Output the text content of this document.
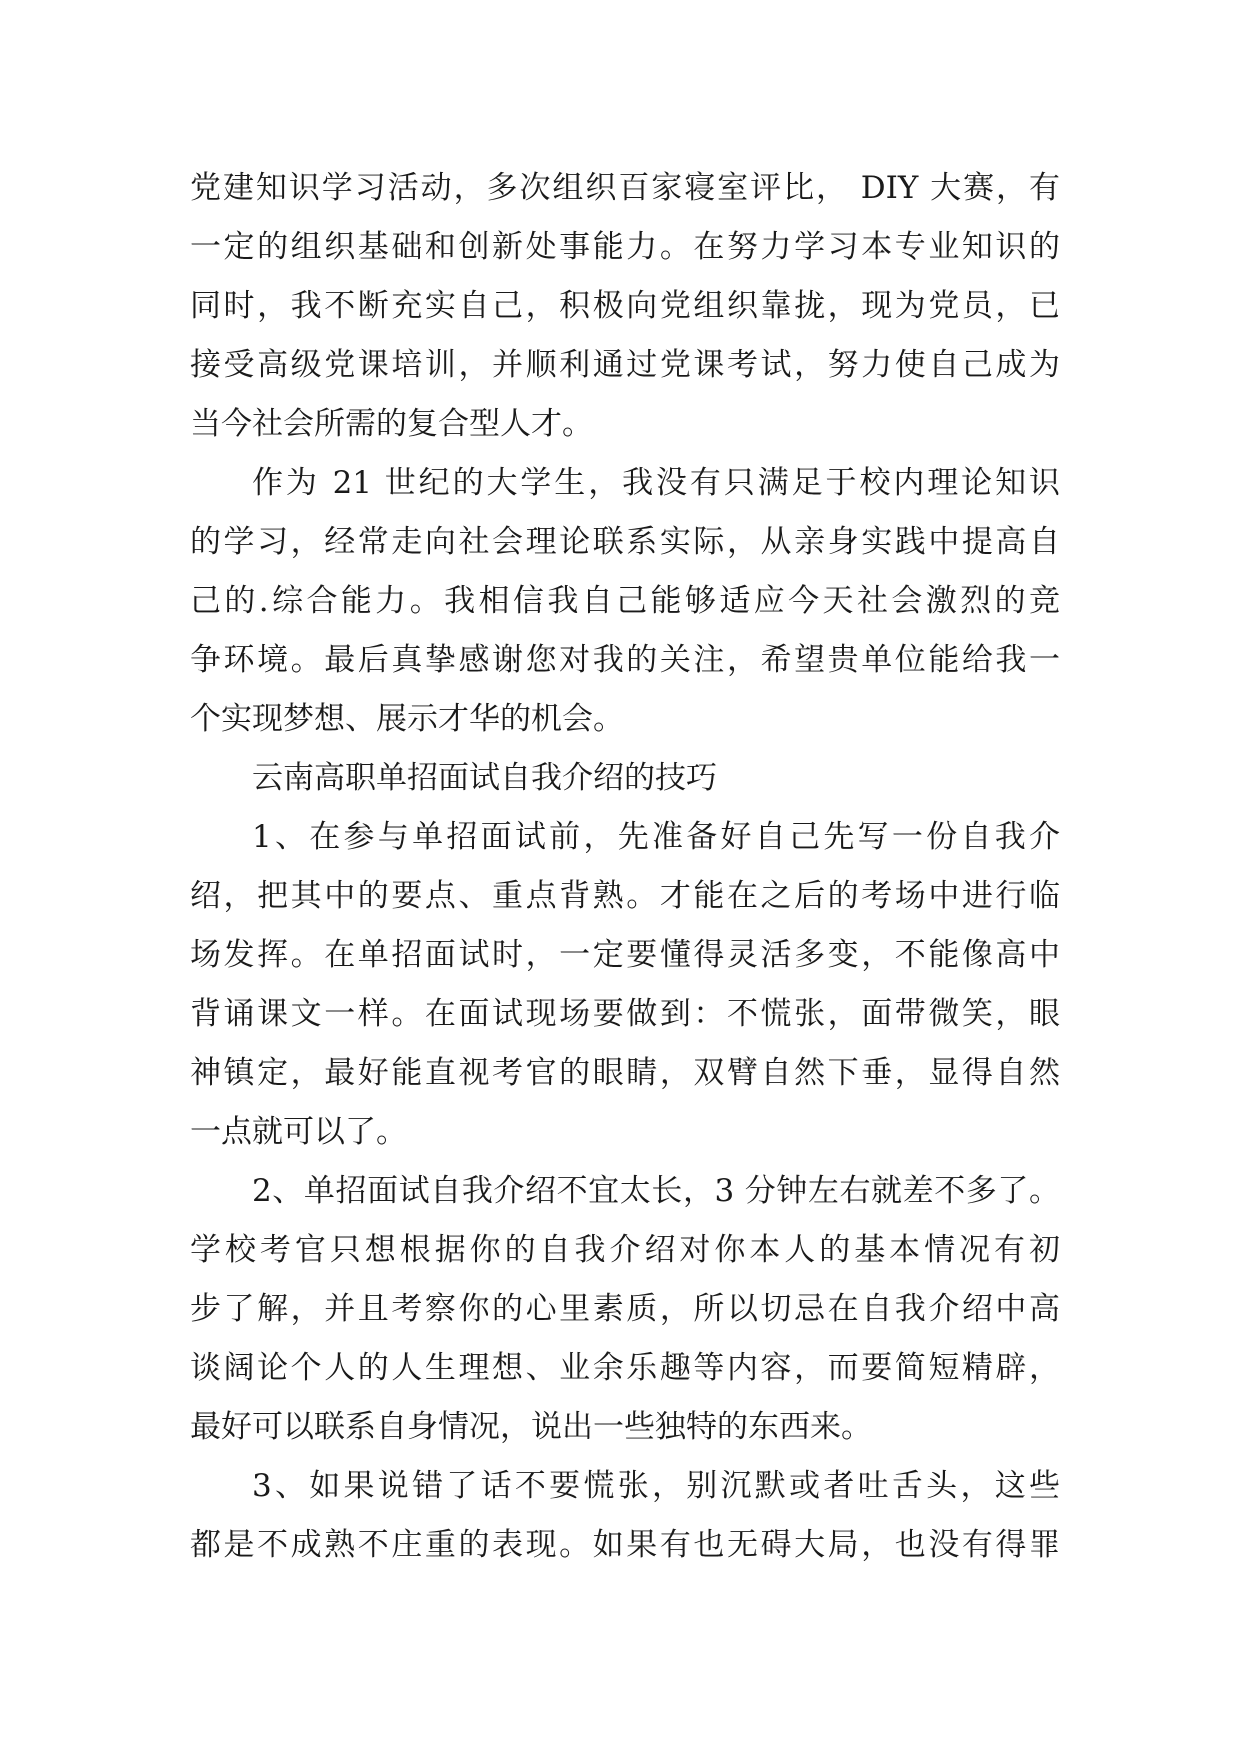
党建知识学习活动，多次组织百家寝室评比， DIY 大赛，有
一定的组织基础和创新处事能力。在努力学习本专业知识的
同时，我不断充实自己，积极向党组织靠拢，现为党员，已
接受高级党课培训，并顺利通过党课考试，努力使自己成为
当今社会所需的复合型人才。
作为 21 世纪的大学生，我没有只满足于校内理论知识
的学习，经常走向社会理论联系实际，从亲身实践中提高自
己的.综合能力。我相信我自己能够适应今天社会激烈的竞
争环境。最后真挚感谢您对我的关注，希望贵单位能给我一
个实现梦想、展示才华的机会。
云南高职单招面试自我介绍的技巧
1、在参与单招面试前，先准备好自己先写一份自我介
绍，把其中的要点、重点背熟。才能在之后的考场中进行临
场发挥。在单招面试时，一定要懂得灵活多变，不能像高中
背诵课文一样。在面试现场要做到：不慌张，面带微笑，眼
神镇定，最好能直视考官的眼睛，双臂自然下垂，显得自然
一点就可以了。
2、单招面试自我介绍不宜太长，3 分钟左右就差不多了。
学校考官只想根据你的自我介绍对你本人的基本情况有初
步了解，并且考察你的心里素质，所以切忌在自我介绍中高
谈阔论个人的人生理想、业余乐趣等内容，而要简短精辟，
最好可以联系自身情况，说出一些独特的东西来。
3、如果说错了话不要慌张，别沉默或者吐舌头，这些
都是不成熟不庄重的表现。如果有也无碍大局，也没有得罪
